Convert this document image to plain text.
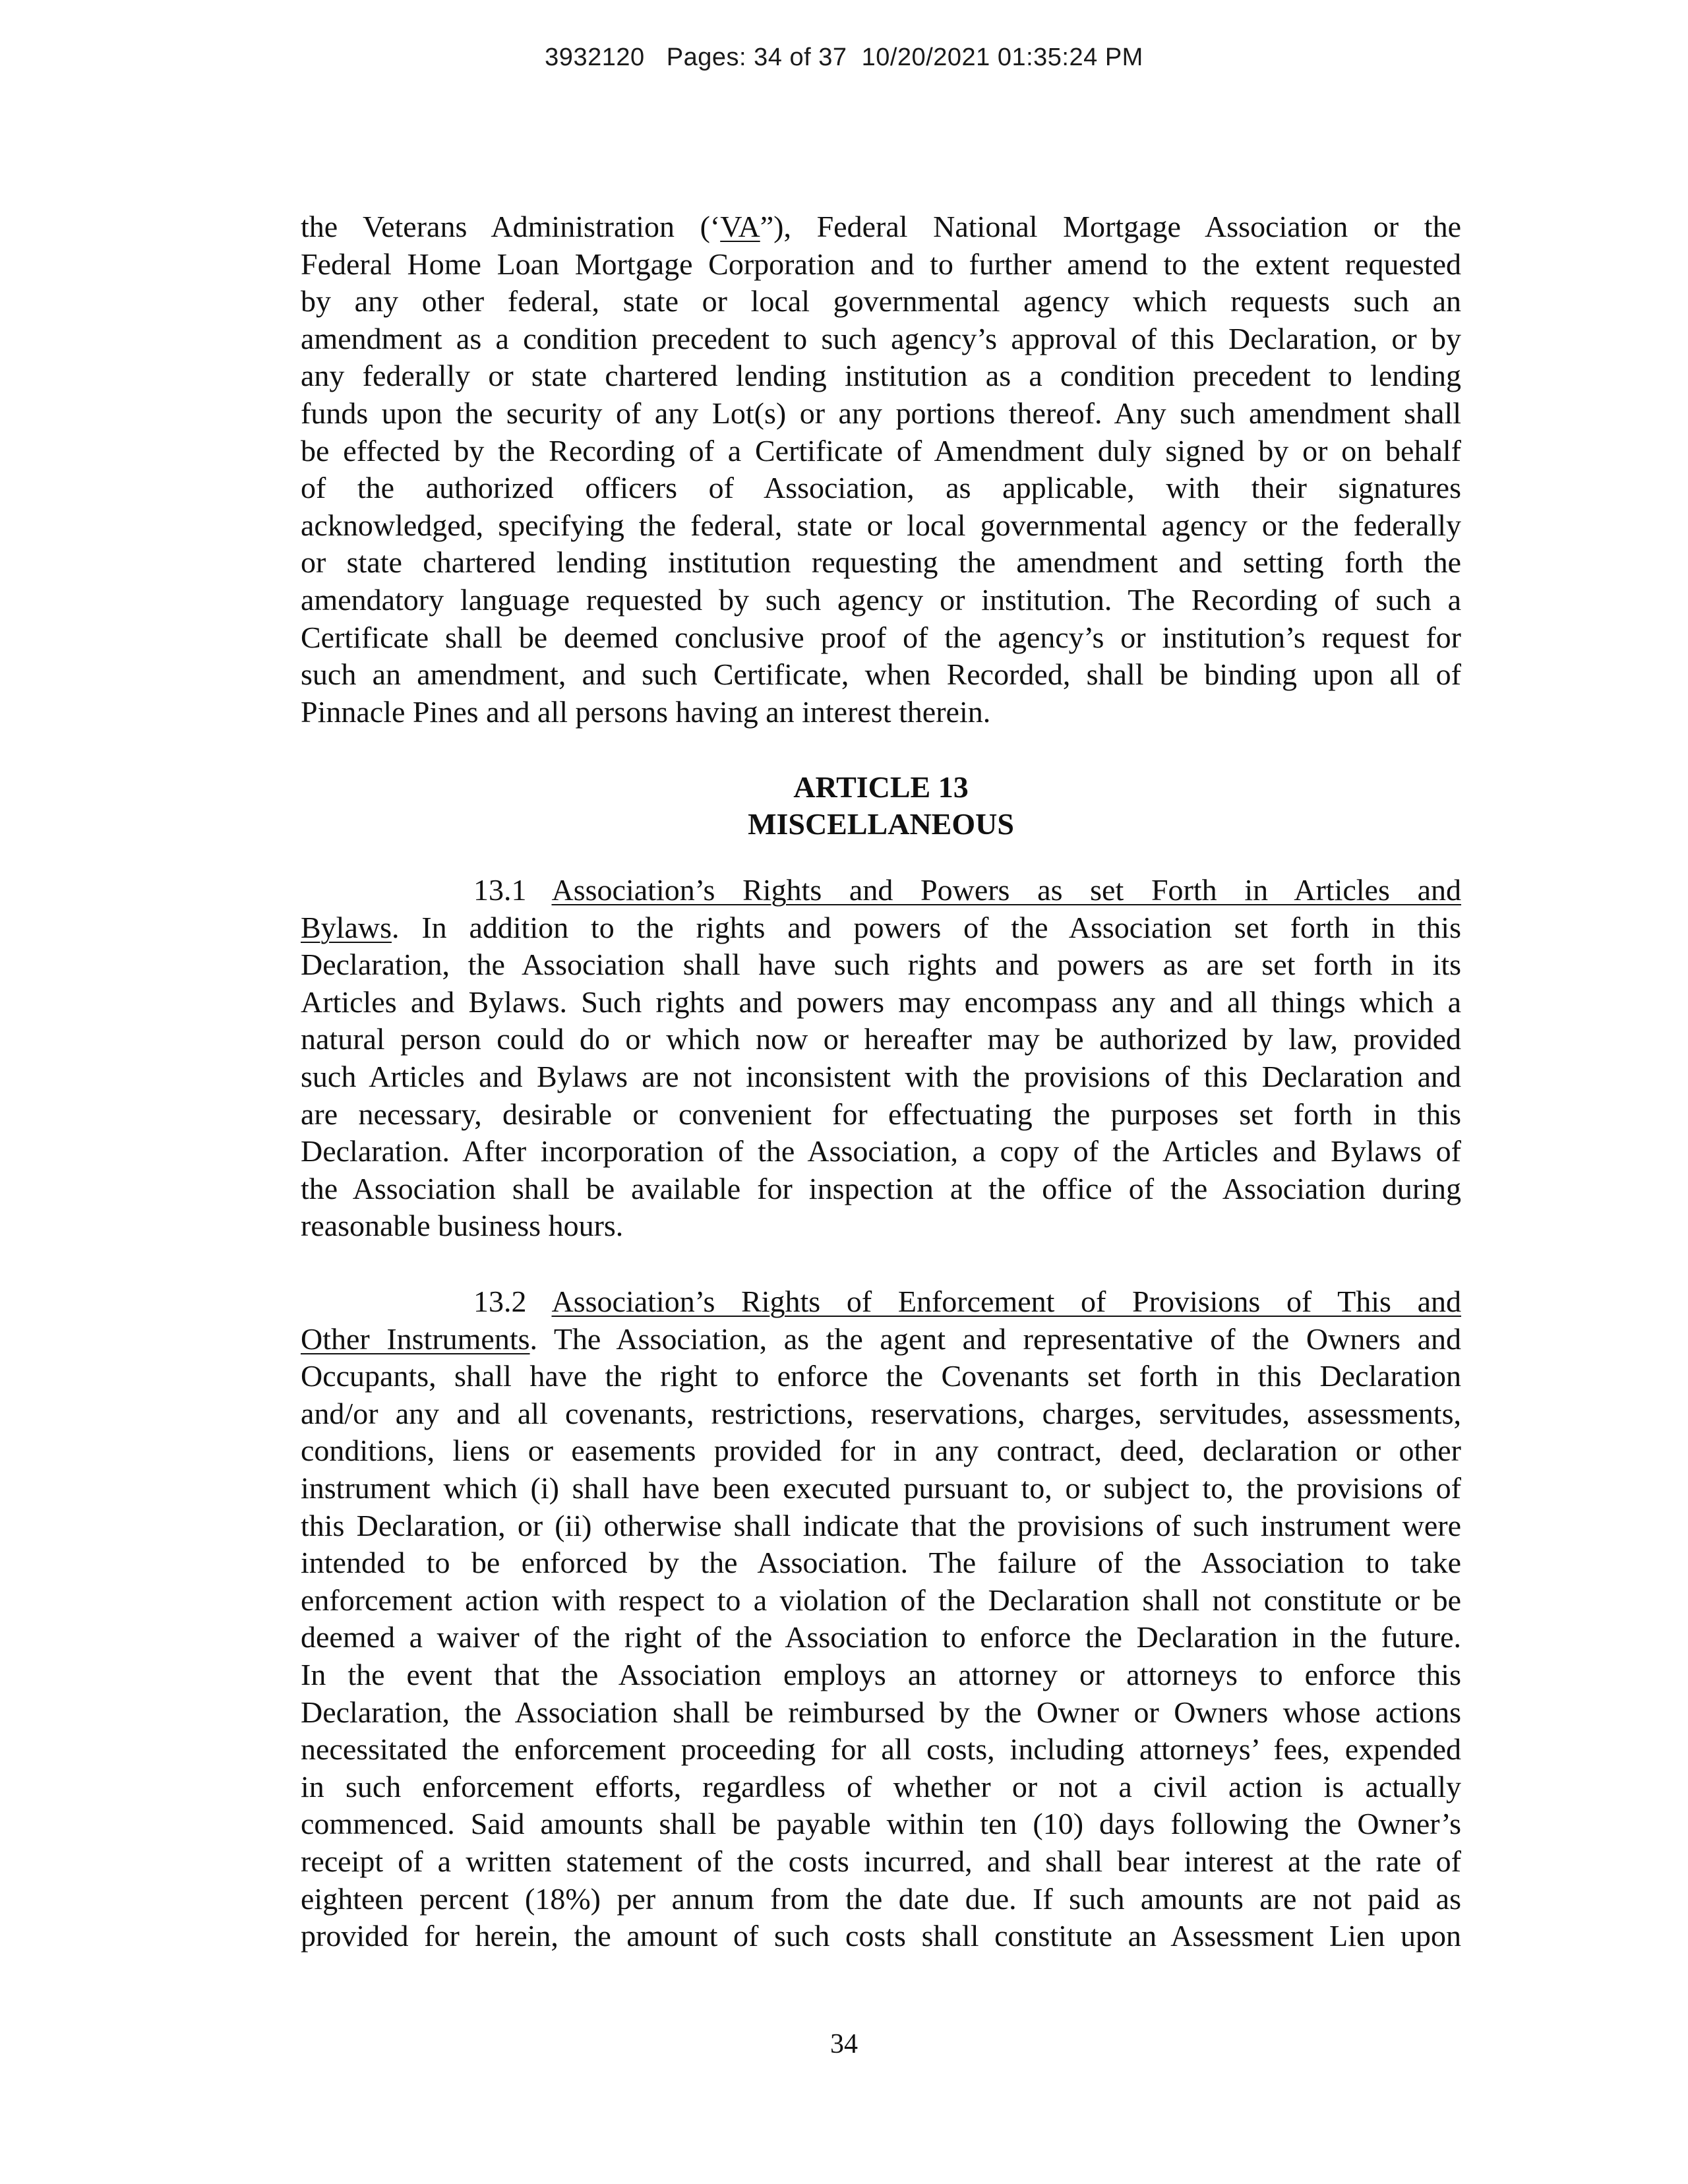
3932120   Pages: 34 of 37  10/20/2021 01:35:24 PM
the Veterans Administration (‘VA”), Federal National Mortgage Association or the
Federal Home Loan Mortgage Corporation and to further amend to the extent requested
by any other federal, state or local governmental agency which requests such an
amendment as a condition precedent to such agency’s approval of this Declaration, or by
any federally or state chartered lending institution as a condition precedent to lending
funds upon the security of any Lot(s) or any portions thereof. Any such amendment shall
be effected by the Recording of a Certificate of Amendment duly signed by or on behalf
of the authorized officers of Association, as applicable, with their signatures
acknowledged, specifying the federal, state or local governmental agency or the federally
or state chartered lending institution requesting the amendment and setting forth the
amendatory language requested by such agency or institution. The Recording of such a
Certificate shall be deemed conclusive proof of the agency’s or institution’s request for
such an amendment, and such Certificate, when Recorded, shall be binding upon all of
Pinnacle Pines and all persons having an interest therein.
ARTICLE 13
MISCELLANEOUS
13.1 Association’s Rights and Powers as set Forth in Articles and
Bylaws. In addition to the rights and powers of the Association set forth in this
Declaration, the Association shall have such rights and powers as are set forth in its
Articles and Bylaws. Such rights and powers may encompass any and all things which a
natural person could do or which now or hereafter may be authorized by law, provided
such Articles and Bylaws are not inconsistent with the provisions of this Declaration and
are necessary, desirable or convenient for effectuating the purposes set forth in this
Declaration. After incorporation of the Association, a copy of the Articles and Bylaws of
the Association shall be available for inspection at the office of the Association during
reasonable business hours.
13.2 Association’s Rights of Enforcement of Provisions of This and
Other Instruments. The Association, as the agent and representative of the Owners and
Occupants, shall have the right to enforce the Covenants set forth in this Declaration
and/or any and all covenants, restrictions, reservations, charges, servitudes, assessments,
conditions, liens or easements provided for in any contract, deed, declaration or other
instrument which (i) shall have been executed pursuant to, or subject to, the provisions of
this Declaration, or (ii) otherwise shall indicate that the provisions of such instrument were
intended to be enforced by the Association. The failure of the Association to take
enforcement action with respect to a violation of the Declaration shall not constitute or be
deemed a waiver of the right of the Association to enforce the Declaration in the future.
In the event that the Association employs an attorney or attorneys to enforce this
Declaration, the Association shall be reimbursed by the Owner or Owners whose actions
necessitated the enforcement proceeding for all costs, including attorneys’ fees, expended
in such enforcement efforts, regardless of whether or not a civil action is actually
commenced. Said amounts shall be payable within ten (10) days following the Owner’s
receipt of a written statement of the costs incurred, and shall bear interest at the rate of
eighteen percent (18%) per annum from the date due. If such amounts are not paid as
provided for herein, the amount of such costs shall constitute an Assessment Lien upon
34
